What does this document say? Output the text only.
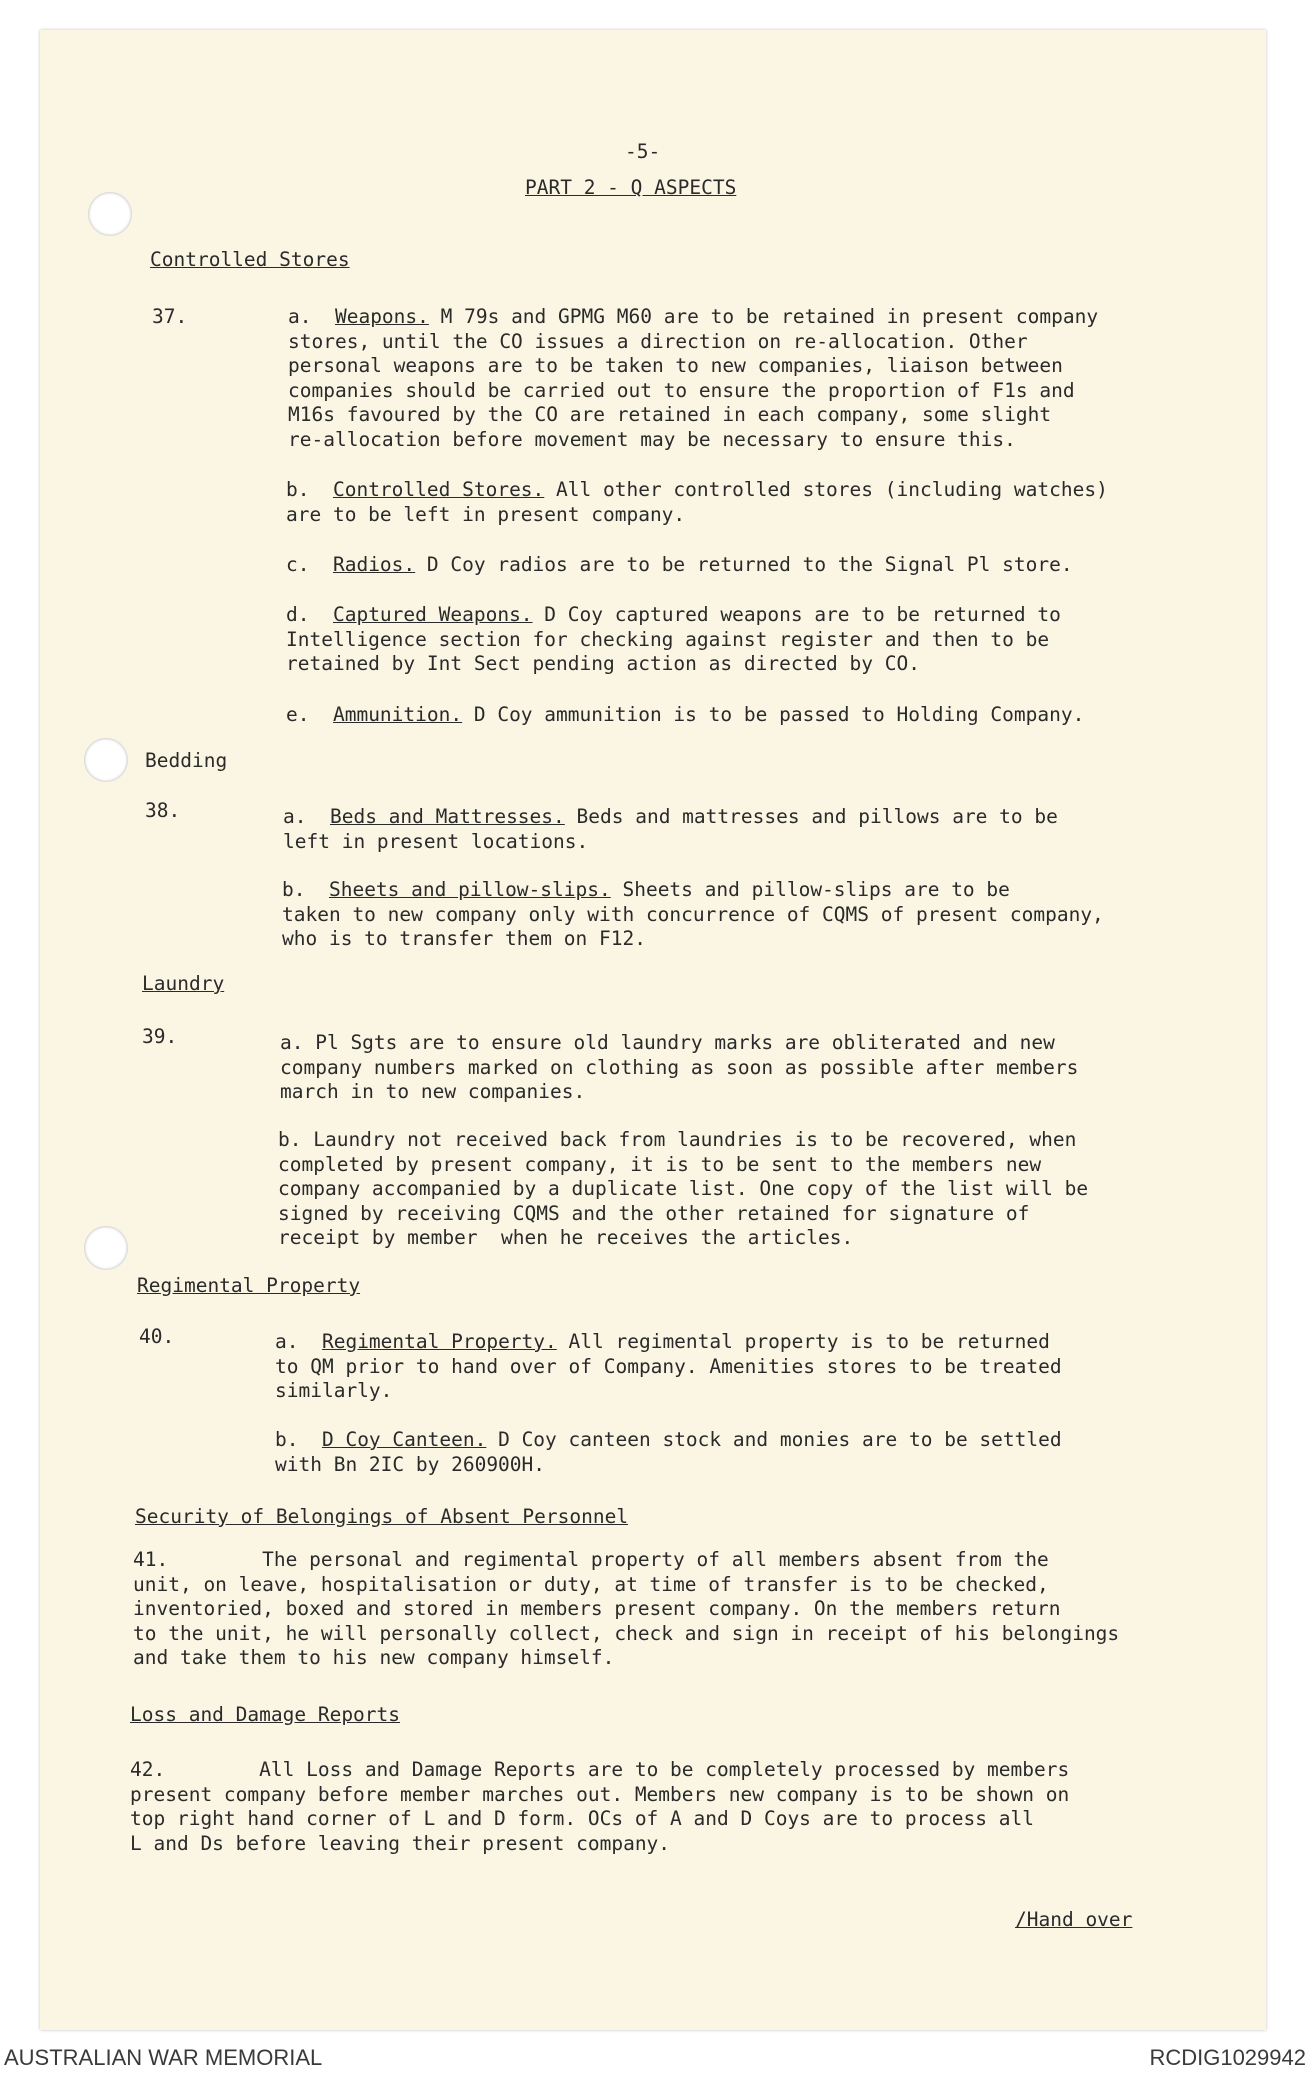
-5-
PART 2 - Q ASPECTS
Controlled Stores
37.	a. Weapons. M 79s and GPMG M60 are to be retained in present company
stores, until the CO issues a direction on re-allocation. Other
personal weapons are to be taken to new companies, liaison between
companies should be carried out to ensure the proportion of F1s and
M16s favoured by the CO are retained in each company, some slight
re-allocation before movement may be necessary to ensure this.
b. Controlled Stores. All other controlled stores (including watches)
are to be left in present company.
c. Radios. D Coy radios are to be returned to the Signal Pl store.
d. Captured Weapons. D Coy captured weapons are to be returned to
Intelligence section for checking against register and then to be
retained by Int Sect pending action as directed by CO.
e. Ammunition. D Coy ammunition is to be passed to Holding Company.
Bedding
38.	a. Beds and Mattresses. Beds and mattresses and pillows are to be
left in present locations.
b. Sheets and pillow-slips. Sheets and pillow-slips are to be
taken to new company only with concurrence of CQMS of present company,
who is to transfer them on F12.
Laundry
39.	a. Pl Sgts are to ensure old laundry marks are obliterated and new
company numbers marked on clothing as soon as possible after members
march in to new companies.
b. Laundry not received back from laundries is to be recovered, when
completed by present company, it is to be sent to the members new
company accompanied by a duplicate list. One copy of the list will be
signed by receiving CQMS and the other retained for signature of
receipt by member  when he receives the articles.
Regimental Property
40.	a. Regimental Property. All regimental property is to be returned
to QM prior to hand over of Company. Amenities stores to be treated
similarly.
b. D Coy Canteen. D Coy canteen stock and monies are to be settled
with Bn 2IC by 260900H.
Security of Belongings of Absent Personnel
41.	The personal and regimental property of all members absent from the
unit, on leave, hospitalisation or duty, at time of transfer is to be checked,
inventoried, boxed and stored in members present company. On the members return
to the unit, he will personally collect, check and sign in receipt of his belongings
and take them to his new company himself.
Loss and Damage Reports
42.	All Loss and Damage Reports are to be completely processed by members
present company before member marches out. Members new company is to be shown on
top right hand corner of L and D form. OCs of A and D Coys are to process all
L and Ds before leaving their present company.
/Hand over
AUSTRALIAN WAR MEMORIAL	RCDIG1029942
